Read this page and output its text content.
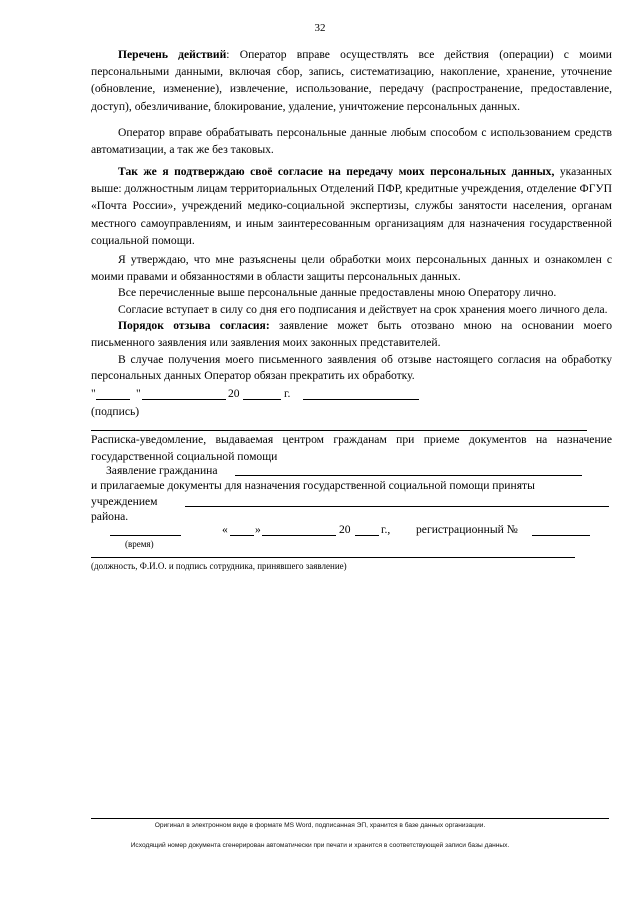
32

Перечень действий: Оператор вправе осуществлять все действия (операции) с моими персональными данными, включая сбор, запись, систематизацию, накопление, хранение, уточнение (обновление, изменение), извлечение, использование, передачу (распространение, предоставление, доступ), обезличивание, блокирование, удаление, уничтожение персональных данных.

Оператор вправе обрабатывать персональные данные любым способом с использованием средств автоматизации, а так же без таковых.

Так же я подтверждаю своё согласие на передачу моих персональных данных, указанных выше: должностным лицам территориальных Отделений ПФР, кредитные учреждения, отделение ФГУП «Почта России», учреждений медико-социальной экспертизы, службы занятости населения, органам местного самоуправлениям, и иным заинтересованным организациям для назначения государственной социальной помощи.

Я утверждаю, что мне разъяснены цели обработки моих персональных данных и ознакомлен с моими правами и обязанностями в области защиты персональных данных.

Все перечисленные выше персональные данные предоставлены мною Оператору лично.

Согласие вступает в силу со дня его подписания и действует на срок хранения моего личного дела.

Порядок отзыва согласия: заявление может быть отозвано мною на основании моего письменного заявления или заявления моих законных представителей.

В случае получения моего письменного заявления об отзыве настоящего согласия на обработку персональных данных Оператор обязан прекратить их обработку.

"	"	20	г.
(подпись)

Расписка-уведомление, выдаваемая центром гражданам при приеме документов на назначение государственной социальной помощи

Заявление гражданина

и прилагаемые документы для назначения государственной социальной помощи приняты

учреждением
района.
« »	20	г., регистрационный №
(время)
(должность, Ф.И.О. и подпись сотрудника, принявшего заявление)
Оригинал в электронном виде в формате MS Word, подписанная ЭП, хранится в базе данных организации.
Исходящий номер документа сгенерирован автоматически при печати и хранится в соответствующей записи базы данных.
